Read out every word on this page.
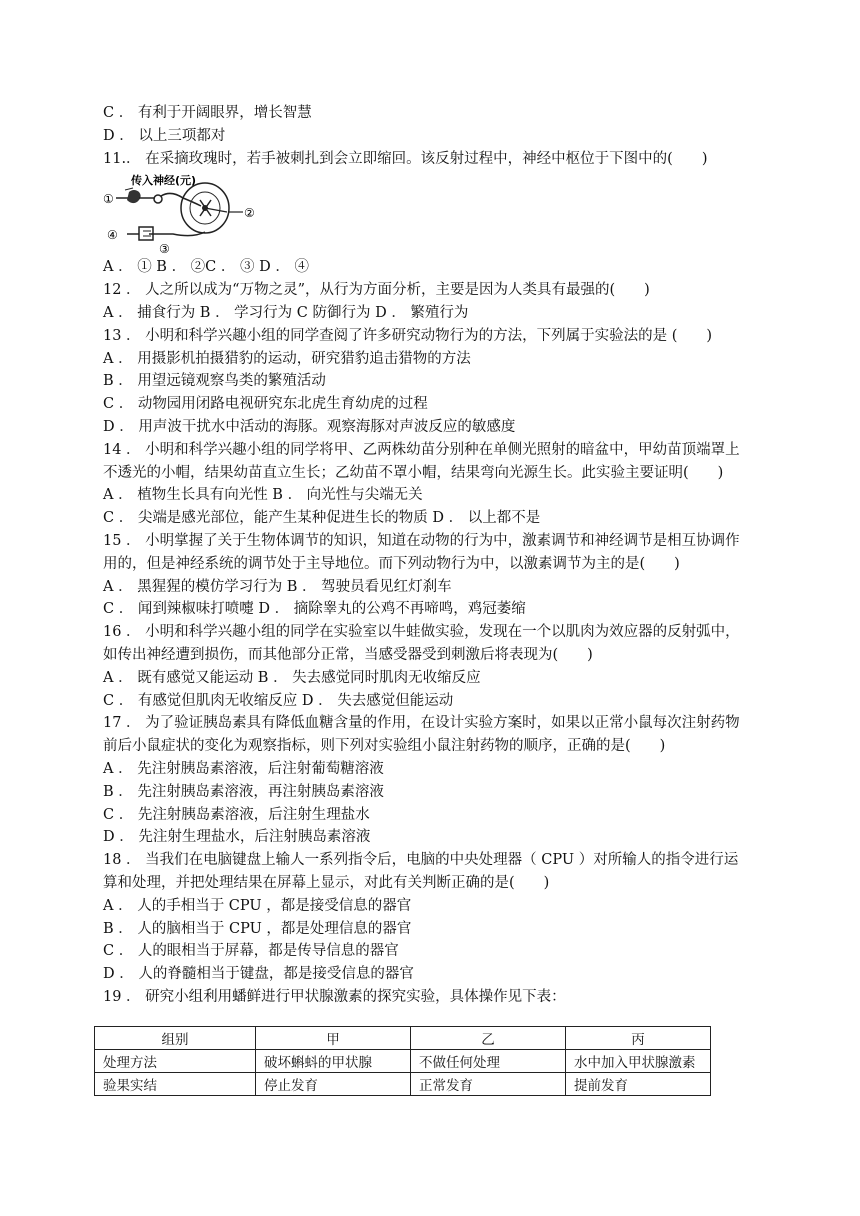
C ． 有利于开阔眼界，增长智慧
D ． 以上三项都对
11.． 在采摘玫瑰时，若手被刺扎到会立即缩回。该反射过程中，神经中枢位于下图中的(　　)
传入神经(元)
①
②
④
③
A ． ① B ． ②C ． ③ D ． ④
12 ． 人之所以成为“万物之灵”，从行为方面分析，主要是因为人类具有最强的(　　)
A ． 捕食行为 B ． 学习行为 C 防御行为 D ． 繁殖行为
13 ． 小明和科学兴趣小组的同学查阅了许多研究动物行为的方法，下列属于实验法的是 (　　)
A ． 用摄影机拍摄猎豹的运动，研究猎豹追击猎物的方法
B ． 用望远镜观察鸟类的繁殖活动
C ． 动物园用闭路电视研究东北虎生育幼虎的过程
D ． 用声波干扰水中活动的海豚。观察海豚对声波反应的敏感度
14 ． 小明和科学兴趣小组的同学将甲、乙两株幼苗分别种在单侧光照射的暗盆中，甲幼苗顶端罩上
不透光的小帽，结果幼苗直立生长；乙幼苗不罩小帽，结果弯向光源生长。此实验主要证明(　　)
A ． 植物生长具有向光性 B ． 向光性与尖端无关
C ． 尖端是感光部位，能产生某种促进生长的物质 D ． 以上都不是
15 ． 小明掌握了关于生物体调节的知识，知道在动物的行为中，激素调节和神经调节是相互协调作
用的，但是神经系统的调节处于主导地位。而下列动物行为中，以激素调节为主的是(　　)
A ． 黑猩猩的模仿学习行为 B ． 驾驶员看见红灯刹车
C ． 闻到辣椒味打喷嚏 D ． 摘除睾丸的公鸡不再啼鸣，鸡冠萎缩
16 ． 小明和科学兴趣小组的同学在实验室以牛蛙做实验，发现在一个以肌肉为效应器的反射弧中，
如传出神经遭到损伤，而其他部分正常，当感受器受到刺激后将表现为(　　)
A ． 既有感觉又能运动 B ． 失去感觉同时肌肉无收缩反应
C ． 有感觉但肌肉无收缩反应 D ． 失去感觉但能运动
17 ． 为了验证胰岛素具有降低血糖含量的作用，在设计实验方案时，如果以正常小鼠每次注射药物
前后小鼠症状的变化为观察指标，则下列对实验组小鼠注射药物的顺序，正确的是(　　)
A ． 先注射胰岛素溶液，后注射葡萄糖溶液
B ． 先注射胰岛素溶液，再注射胰岛素溶液
C ． 先注射胰岛素溶液，后注射生理盐水
D ． 先注射生理盐水，后注射胰岛素溶液
18 ． 当我们在电脑键盘上输人一系列指令后，电脑的中央处理器（ CPU ）对所输人的指令进行运
算和处理，并把处理结果在屏幕上显示，对此有关判断正确的是(　　)
A ． 人的手相当于 CPU ，都是接受信息的器官
B ． 人的脑相当于 CPU ，都是处理信息的器官
C ． 人的眼相当于屏幕，都是传导信息的器官
D ． 人的脊髓相当于键盘，都是接受信息的器官
19 ． 研究小组利用蟠鲜进行甲状腺激素的探究实验，具体操作见下表：
组别	甲	乙	丙
处理方法	破坏蝌蚪的甲状腺	不做任何处理	水中加入甲状腺激素
验果实结	停止发育	正常发育	提前发育
